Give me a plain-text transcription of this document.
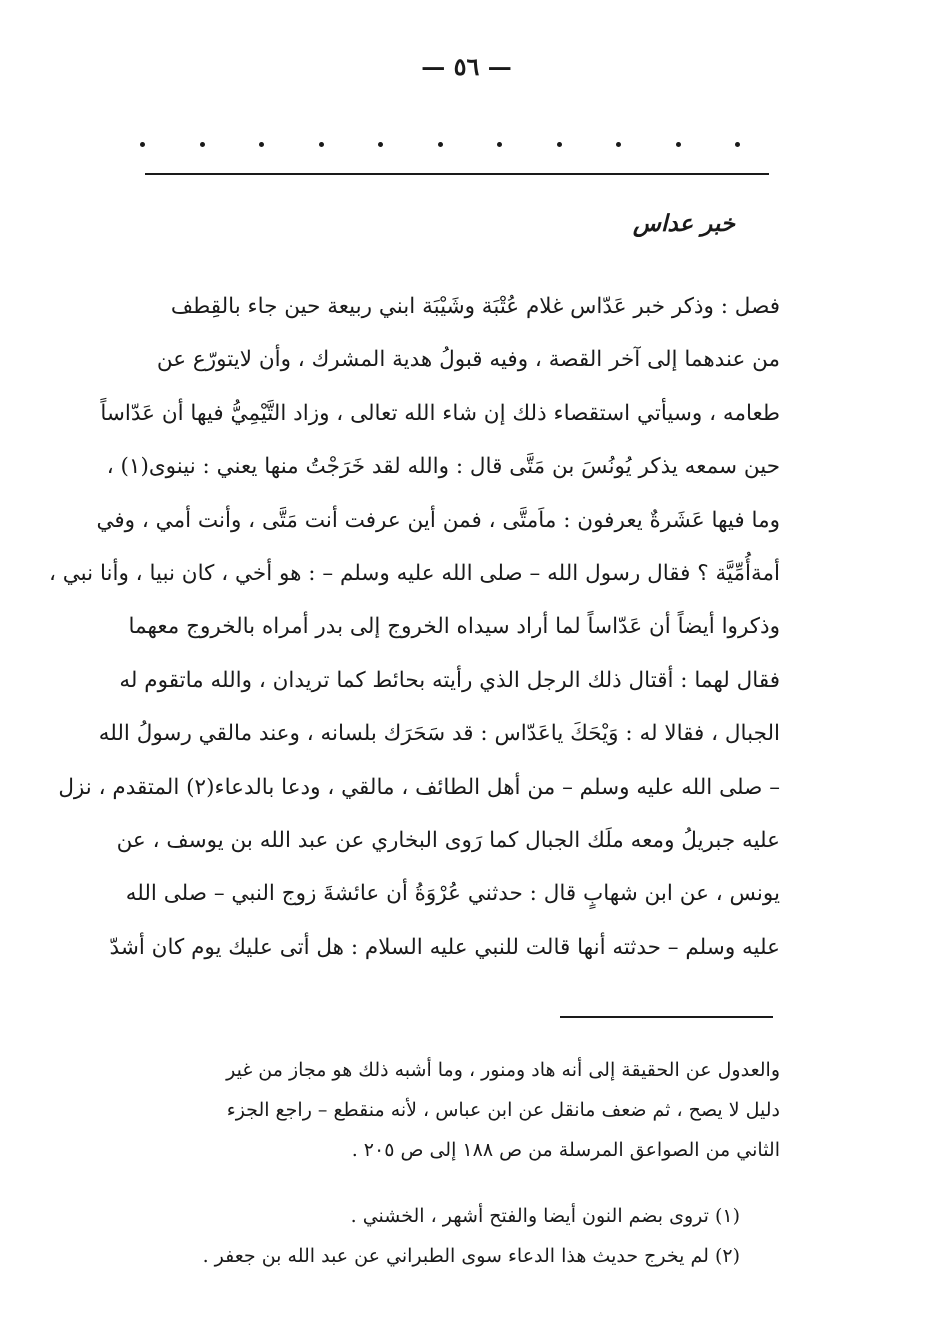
— ٥٦ —
خبر عداس
فصل : وذكر خبر عَدّاس غلام عُتْبَة وشَيْبَة ابني ربيعة حين جاء بالقِطف
من عندهما إلى آخر القصة ، وفيه قبولُ هدية المشرك ، وأن لايتورّع عن
طعامه ، وسيأتي استقصاء ذلك إن شاء الله تعالى ، وزاد التَّيْمِيُّ فيها أن عَدّاساً
حين سمعه يذكر يُونُسَ بن مَتَّى قال : والله لقد خَرَجْتُ منها يعني : نينوى(١) ،
وما فيها عَشَرةٌ يعرفون : ماَمتَّى ، فمن أين عرفت أنت مَتَّى ، وأنت أمي ، وفي
أمةأُمِّيَّة ؟ فقال رسول الله – صلى الله عليه وسلم – : هو أخي ، كان نبيا ، وأنا نبي ،
وذكروا أيضاً أن عَدّاساً لما أراد سيداه الخروج إلى بدر أمراه بالخروج معهما
فقال لهما : أقتال ذلك الرجل الذي رأيته بحائط كما تريدان ، والله ماتقوم له
الجبال ، فقالا له : وَيْحَكَ ياعَدّاس : قد سَحَرَك بلسانه ، وعند مالقي رسولُ الله
– صلى الله عليه وسلم – من أهل الطائف ، مالقي ، ودعا بالدعاء(٢) المتقدم ، نزل
عليه جبريلُ ومعه ملَك الجبال كما رَوى البخاري عن عبد الله بن يوسف ، عن
يونس ، عن ابن شهابٍ قال : حدثني عُرْوَةُ أن عائشةَ زوج النبي – صلى الله
عليه وسلم – حدثته أنها قالت للنبي عليه السلام : هل أتى عليك يوم كان أشدّ
والعدول عن الحقيقة إلى أنه هاد ومنور ، وما أشبه ذلك هو مجاز من غير
دليل لا يصح ، ثم ضعف مانقل عن ابن عباس ، لأنه منقطع – راجع الجزء
الثاني من الصواعق المرسلة من ص ١٨٨ إلى ص ٢٠٥ .
(١) تروى بضم النون أيضا والفتح أشهر ، الخشني .
(٢) لم يخرج حديث هذا الدعاء سوى الطبراني عن عبد الله بن جعفر .
